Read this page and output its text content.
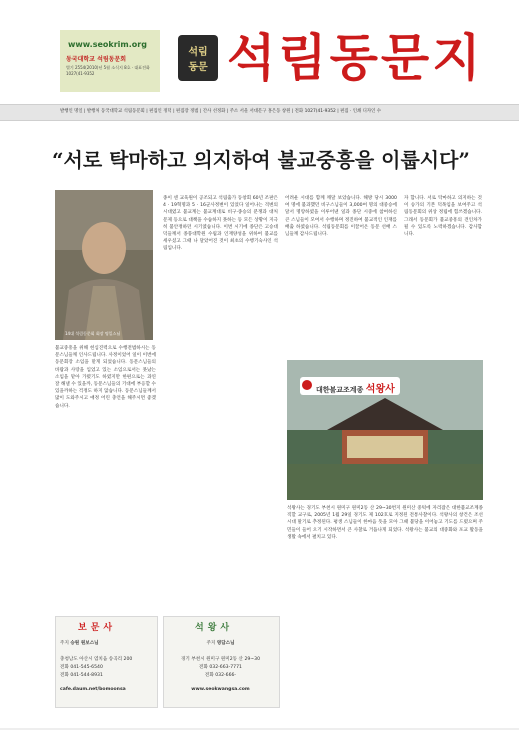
www.seokrim.org
동국대학교 석림동문회
별기 2554(2010)년 5월 소식지 8호 · 대표전화 1027(41-9352
석림
동문 석림동문지
발행인 명일 | 발행처 동국대학교 석림동문회 | 편집인 정덕 | 편집장 정범 | 간사 선정화 | 주소 서울 서대문구 홍은동 창원 | 전화 1027(41-9352 | 편집 · 인쇄 디자인 수
“서로 탁마하고 의지하여 불교중흥을 이룹시다”
14대 석림동문회 회장 명일스님
불교중흥을 위해 헌심진력으로 수행전법하시는 동문스님들께 인사드립니다. 사정이었어 일이 이번에 동문회장 소임을 맡게 되었습니다. 동문스님들의 바람과 사랑을 입었고 있는 소임으로서는 못났는 소임을 맡아 가렸기도 하였지만 한편으로는 과연 잘 해낼 수 있을까, 동문스님들의 기대에 부응할 수 있을까하는 걱정도 하지 않습니다. 동문스님들께서 많이 도와주시고 애정 어린 충언을 해주시면 좋겠습니다.
종이 센 교육원이 공조되고 석림출가 동창회 60년 조판은 4 · 19혁명과 5 · 16군사정변이 있었다 일어나는 격변의 시대였고 불교계는 불교계대로 비구·종승의 분쟁과 대처문제 등으로 대책을 수습하지 못하는 등 모든 상황이 지극히 불안정하던 시기였습니다. 이번 시기에 종단은 고승대덕들께서 종풍대학원 수립과 인재양성을 위하여 불교를 세우셨고 그때 나 달았어진 것이 최초의 수행기숙사인 석림입니다.
어려운 시대를 함께 깨달 보았습니다. 해방 당시 3000여 명에 불과했던 비구스님들이 3,000여 명의 대중승에 달서 명랑하였을 이루어낸 일과 종단 시중에 참여하신 큰 스님들이 모여서 수행하며 정진하여 불교적인 인재를 배출 하였습니다. 석림동문회를 이끌어온 동문 선배 스님들께 감사드립니다.
자 합니다. 서로 탁마하고 의지하는 것이 승가의 기본 덕목임을 보여주고 석림동문회의 위상 정립에 힘쓰겠습니다. 그래서 동문회가 불교중흥의 견인차가 될 수 있도록 노력하겠습니다. 감사합니다.
대한불교조계종 석왕사
석왕사는 경기도 부천시 원미구 원미2동 산 29~30번지 원미산 중턱에 자리잡은 대한불교조계종 직할 교구로, 2005년 1월 29일 경기도 제 102호로 지정된 전통사찰이다. 석왕사의 창건은 조선시대 말기로 추정된다. 평생 스님들이 한마음 뜻을 모아 그때 불당을 이어놓고 기도를 드렸으며 주민들이 들어 오기 시작하면서 큰 사찰로 거듭나게 되었다. 석왕사는 불교의 대중화와 포교 활동을 생활 속에서 펼치고 있다.
보문사
주지 승원 원보스님
충청남도 아산시 염치읍 송곡리 200
전화 041-545-6540
전화 041-544-8931
cafe.daum.net/bomoonsa
석왕사
주지 영담스님
경기 부천시 원미구 원미2동 산 29~30
전화 032-663-7771
전화 032-666-
www.seokwangsa.com
